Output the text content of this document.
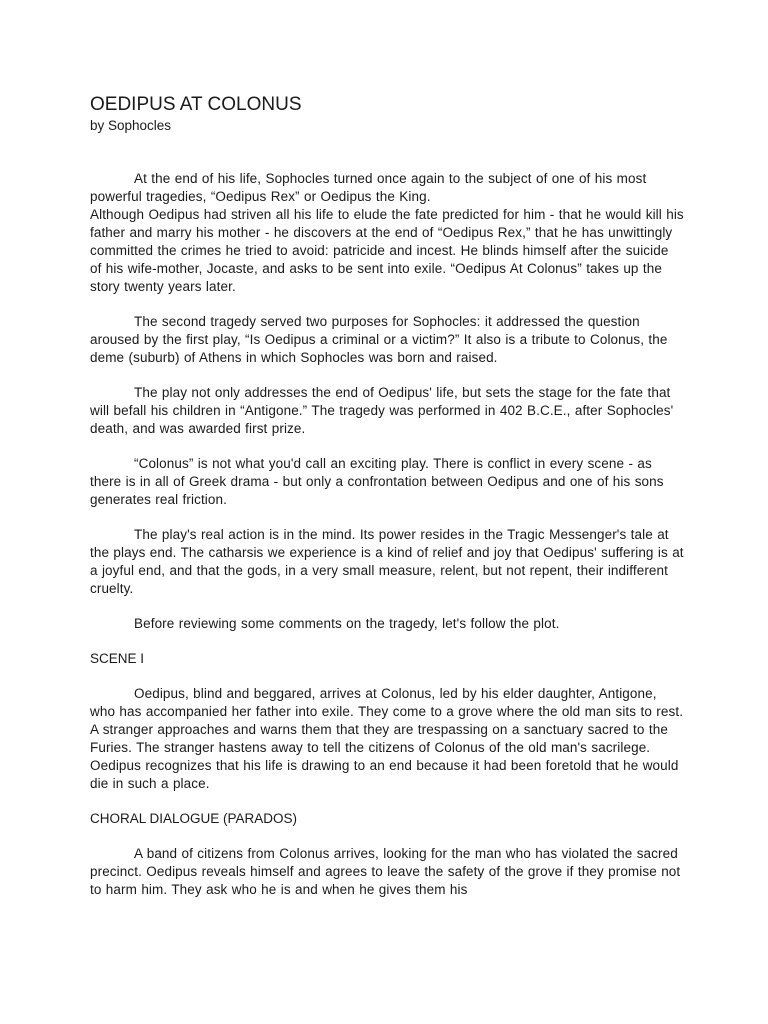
OEDIPUS AT COLONUS

by Sophocles

At the end of his life, Sophocles turned once again to the subject of one of his most powerful tragedies, “Oedipus Rex” or Oedipus the King.

Although Oedipus had striven all his life to elude the fate predicted for him - that he would kill his father and marry his mother - he discovers at the end of “Oedipus Rex,” that he has unwittingly committed the crimes he tried to avoid: patricide and incest. He blinds himself after the suicide of his wife-mother, Jocaste, and asks to be sent into exile. “Oedipus At Colonus” takes up the story twenty years later.

The second tragedy served two purposes for Sophocles: it addressed the question aroused by the first play, “Is Oedipus a criminal or a victim?” It also is a tribute to Colonus, the deme (suburb) of Athens in which Sophocles was born and raised.

The play not only addresses the end of Oedipus' life, but sets the stage for the fate that will befall his children in “Antigone.” The tragedy was performed in 402 B.C.E., after Sophocles' death, and was awarded first prize.

“Colonus” is not what you'd call an exciting play. There is conflict in every scene - as there is in all of Greek drama - but only a confrontation between Oedipus and one of his sons generates real friction.

The play's real action is in the mind. Its power resides in the Tragic Messenger's tale at the plays end. The catharsis we experience is a kind of relief and joy that Oedipus' suffering is at a joyful end, and that the gods, in a very small measure, relent, but not repent, their indifferent cruelty.

Before reviewing some comments on the tragedy, let's follow the plot.

SCENE I

Oedipus, blind and beggared, arrives at Colonus, led by his elder daughter, Antigone, who has accompanied her father into exile. They come to a grove where the old man sits to rest. A stranger approaches and warns them that they are trespassing on a sanctuary sacred to the Furies. The stranger hastens away to tell the citizens of Colonus of the old man's sacrilege. Oedipus recognizes that his life is drawing to an end because it had been foretold that he would die in such a place.

CHORAL DIALOGUE (PARADOS)

A band of citizens from Colonus arrives, looking for the man who has violated the sacred precinct. Oedipus reveals himself and agrees to leave the safety of the grove if they promise not to harm him. They ask who he is and when he gives them his
